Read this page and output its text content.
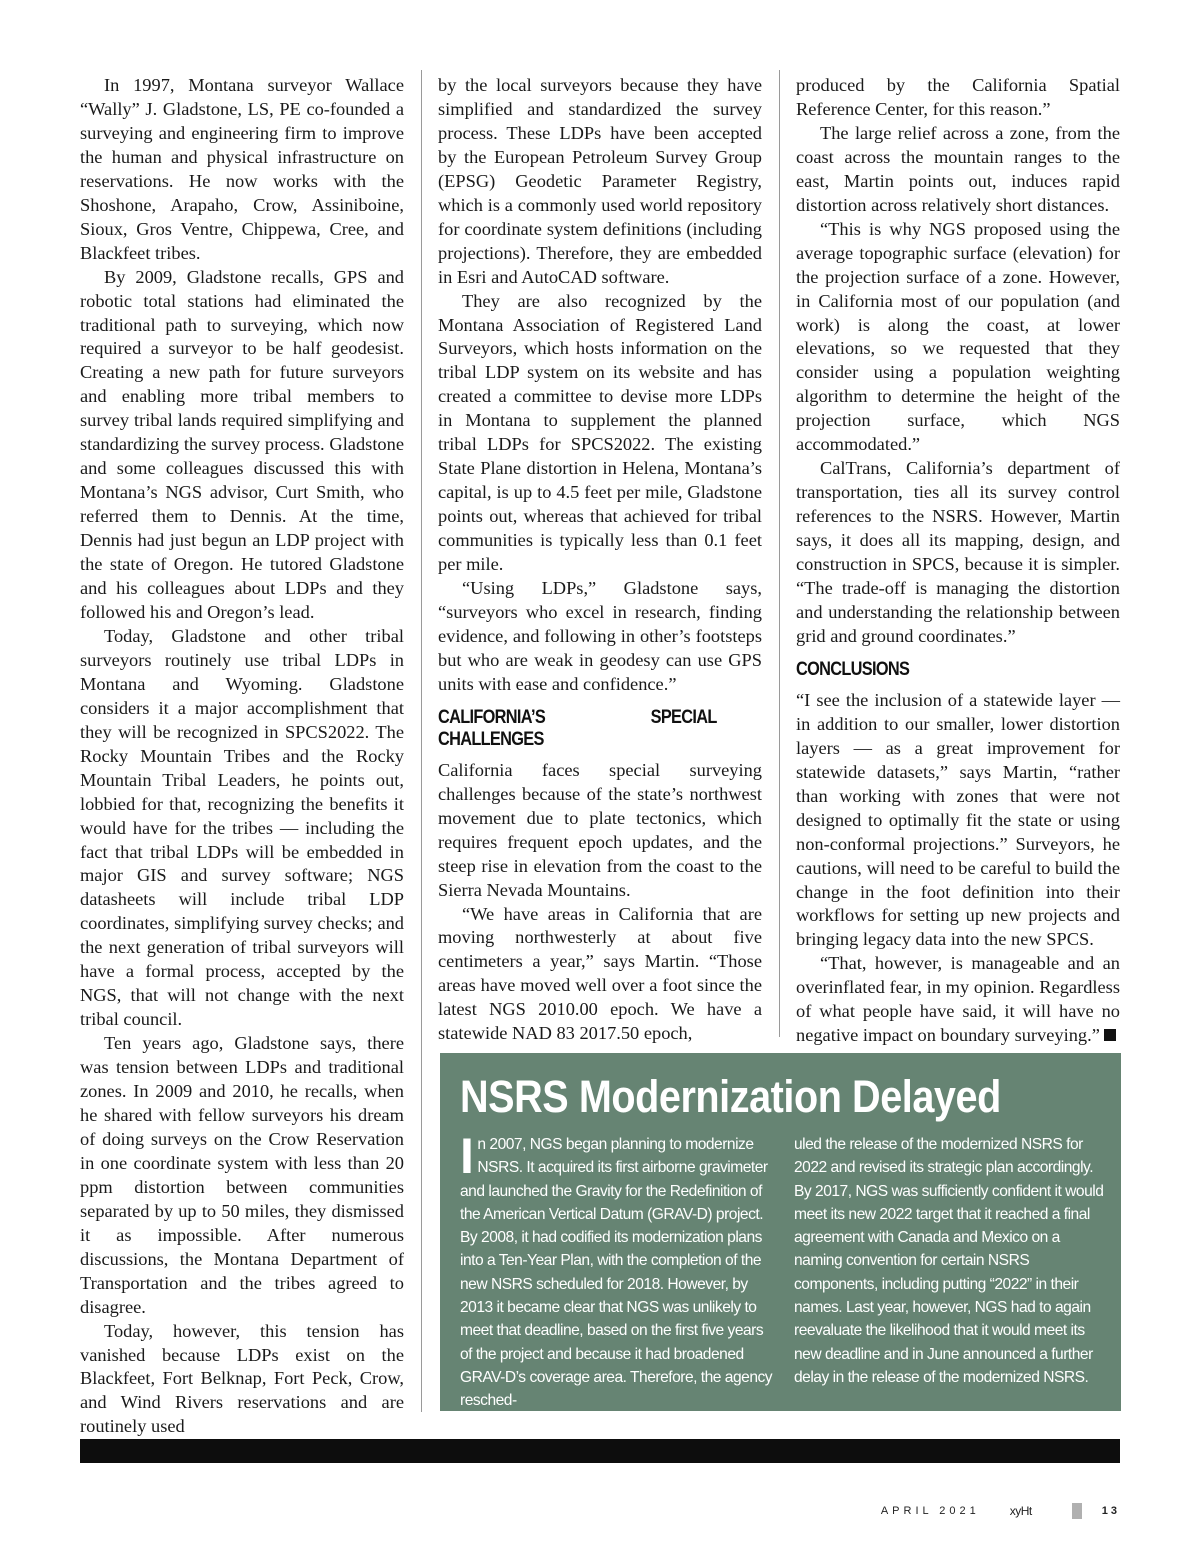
In 1997, Montana surveyor Wallace “Wally” J. Gladstone, LS, PE co-founded a surveying and engineering firm to improve the human and physical infrastructure on reservations. He now works with the Shoshone, Arapaho, Crow, Assiniboine, Sioux, Gros Ventre, Chippewa, Cree, and Blackfeet tribes.

By 2009, Gladstone recalls, GPS and robotic total stations had eliminated the traditional path to surveying, which now required a surveyor to be half geodesist. Creating a new path for future surveyors and enabling more tribal members to survey tribal lands required simplifying and standardizing the survey process. Gladstone and some colleagues discussed this with Montana’s NGS advisor, Curt Smith, who referred them to Dennis. At the time, Dennis had just begun an LDP project with the state of Oregon. He tutored Gladstone and his colleagues about LDPs and they followed his and Oregon’s lead.

Today, Gladstone and other tribal surveyors routinely use tribal LDPs in Montana and Wyoming. Gladstone considers it a major accomplishment that they will be recognized in SPCS2022. The Rocky Mountain Tribes and the Rocky Mountain Tribal Leaders, he points out, lobbied for that, recognizing the benefits it would have for the tribes — including the fact that tribal LDPs will be embedded in major GIS and survey software; NGS datasheets will include tribal LDP coordinates, simplifying survey checks; and the next generation of tribal surveyors will have a formal process, accepted by the NGS, that will not change with the next tribal council.

Ten years ago, Gladstone says, there was tension between LDPs and traditional zones. In 2009 and 2010, he recalls, when he shared with fellow surveyors his dream of doing surveys on the Crow Reservation in one coordinate system with less than 20 ppm distortion between communities separated by up to 50 miles, they dismissed it as impossible. After numerous discussions, the Montana Department of Transportation and the tribes agreed to disagree.

Today, however, this tension has vanished because LDPs exist on the Blackfeet, Fort Belknap, Fort Peck, Crow, and Wind Rivers reservations and are routinely used

by the local surveyors because they have simplified and standardized the survey process. These LDPs have been accepted by the European Petroleum Survey Group (EPSG) Geodetic Parameter Registry, which is a commonly used world repository for coordinate system definitions (including projections). Therefore, they are embedded in Esri and AutoCAD software.

They are also recognized by the Montana Association of Registered Land Surveyors, which hosts information on the tribal LDP system on its website and has created a committee to devise more LDPs in Montana to supplement the planned tribal LDPs for SPCS2022. The existing State Plane distortion in Helena, Montana’s capital, is up to 4.5 feet per mile, Gladstone points out, whereas that achieved for tribal communities is typically less than 0.1 feet per mile.

“Using LDPs,” Gladstone says, “surveyors who excel in research, finding evidence, and following in other’s footsteps but who are weak in geodesy can use GPS units with ease and confidence.”

CALIFORNIA’S SPECIAL CHALLENGES

California faces special surveying challenges because of the state’s northwest movement due to plate tectonics, which requires frequent epoch updates, and the steep rise in elevation from the coast to the Sierra Nevada Mountains.

“We have areas in California that are moving northwesterly at about five centimeters a year,” says Martin. “Those areas have moved well over a foot since the latest NGS 2010.00 epoch. We have a statewide NAD 83 2017.50 epoch,

produced by the California Spatial Reference Center, for this reason.”

The large relief across a zone, from the coast across the mountain ranges to the east, Martin points out, induces rapid distortion across relatively short distances.

“This is why NGS proposed using the average topographic surface (elevation) for the projection surface of a zone. However, in California most of our population (and work) is along the coast, at lower elevations, so we requested that they consider using a population weighting algorithm to determine the height of the projection surface, which NGS accommodated.”

CalTrans, California’s department of transportation, ties all its survey control references to the NSRS. However, Martin says, it does all its mapping, design, and construction in SPCS, because it is simpler. “The trade-off is managing the distortion and understanding the relationship between grid and ground coordinates.”

CONCLUSIONS

“I see the inclusion of a statewide layer — in addition to our smaller, lower distortion layers — as a great improvement for statewide datasets,” says Martin, “rather than working with zones that were not designed to optimally fit the state or using non-conformal projections.” Surveyors, he cautions, will need to be careful to build the change in the foot definition into their workflows for setting up new projects and bringing legacy data into the new SPCS.

“That, however, is manageable and an overinflated fear, in my opinion. Regardless of what people have said, it will have no negative impact on boundary surveying.”

NSRS Modernization Delayed

In 2007, NGS began planning to modernize NSRS. It acquired its first airborne gravimeter and launched the Gravity for the Redefinition of the American Vertical Datum (GRAV-D) project. By 2008, it had codified its modernization plans into a Ten-Year Plan, with the completion of the new NSRS scheduled for 2018. However, by 2013 it became clear that NGS was unlikely to meet that deadline, based on the first five years of the project and because it had broadened GRAV-D’s coverage area. Therefore, the agency resched-

uled the release of the modernized NSRS for 2022 and revised its strategic plan accordingly. By 2017, NGS was sufficiently confident it would meet its new 2022 target that it reached a final agreement with Canada and Mexico on a naming convention for certain NSRS components, including putting “2022” in their names. Last year, however, NGS had to again reevaluate the likelihood that it would meet its new deadline and in June announced a further delay in the release of the modernized NSRS.

APRIL 2021	xyHt	13
